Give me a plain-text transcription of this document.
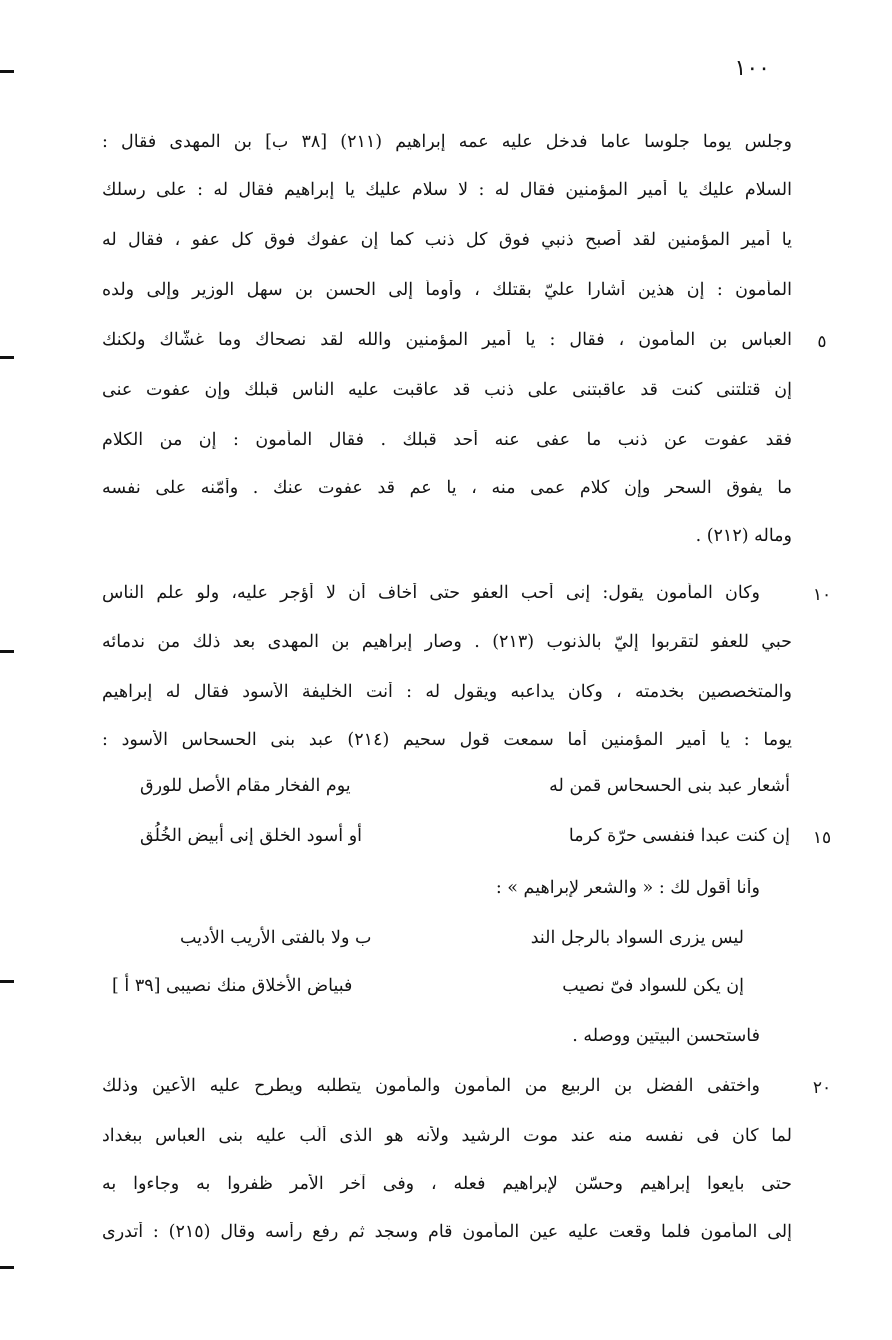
١٠٠
وجلس يوما جلوسا عاما فدخل عليه عمه إبراهيم (٢١١) [٣٨ ب] بن المهدى فقال :
السلام عليك يا أمير المؤمنين فقال له : لا سلام عليك يا إبراهيم فقال له : على رسلك
يا أمير المؤمنين لقد أصبح ذنبي فوق كل ذنب كما إن عفوك فوق كل عفو ، فقال له
المأمون : إن هذين أشارا عليّ بقتلك ، وأومأ إلى الحسن بن سهل الوزير وإلى ولده
العباس بن المأمون ، فقال : يا أمير المؤمنين والله لقد نصحاك وما غشّاك ولكنك
إن قتلتنى كنت قد عاقبتنى على ذنب قد عاقبت عليه الناس قبلك وإن عفوت عنى
فقد عفوت عن ذنب ما عفى عنه أحد قبلك . فقال المأمون : إن من الكلام
ما يفوق السحر وإن كلام عمى منه ، يا عم قد عفوت عنك . وأمّنه على نفسه
وماله (٢١٢) .
وكان المأمون يقول: إنى أحب العفو حتى أخاف أن لا أؤجر عليه، ولو علم الناس
حبي للعفو لتقربوا إليّ بالذنوب (٢١٣) . وصار إبراهيم بن المهدى بعد ذلك من ندمائه
والمتخصصين بخدمته ، وكان يداعبه ويقول له : أنت الخليفة الأسود فقال له إبراهيم
يوما : يا أمير المؤمنين أما سمعت قول سحيم (٢١٤) عبد بنى الحسحاس الأسود :
أشعار عبد بنى الحسحاس قمن له
يوم الفخار مقام الأصل للورق
إن كنت عبدا فنفسى حرّة كرما
أو أسود الخلق إنى أبيض الخُلُق
وأنا أقول لك : « والشعر لإبراهيم » :
ليس يزرى السواد بالرجل الند
ب ولا بالفتى الأريب الأديب
إن يكن للسواد فىّ نصيب
فبياض الأخلاق منك نصيبى [٣٩ أ ]
فاستحسن البيتين ووصله .
واختفى الفضل بن الربيع من المأمون والمأمون يتطلبه ويطرح عليه الأعين وذلك
لما كان فى نفسه منه عند موت الرشيد ولأنه هو الذى ألّب عليه بنى العباس ببغداد
حتى بايعوا إبراهيم وحسّن لإبراهيم فعله ، وفى آخر الأمر ظفروا به وجاءوا به
إلى المأمون فلما وقعت عليه عين المأمون قام وسجد ثم رفع رأسه وقال (٢١٥) : أتدرى
٥
١٠
١٥
٢٠
